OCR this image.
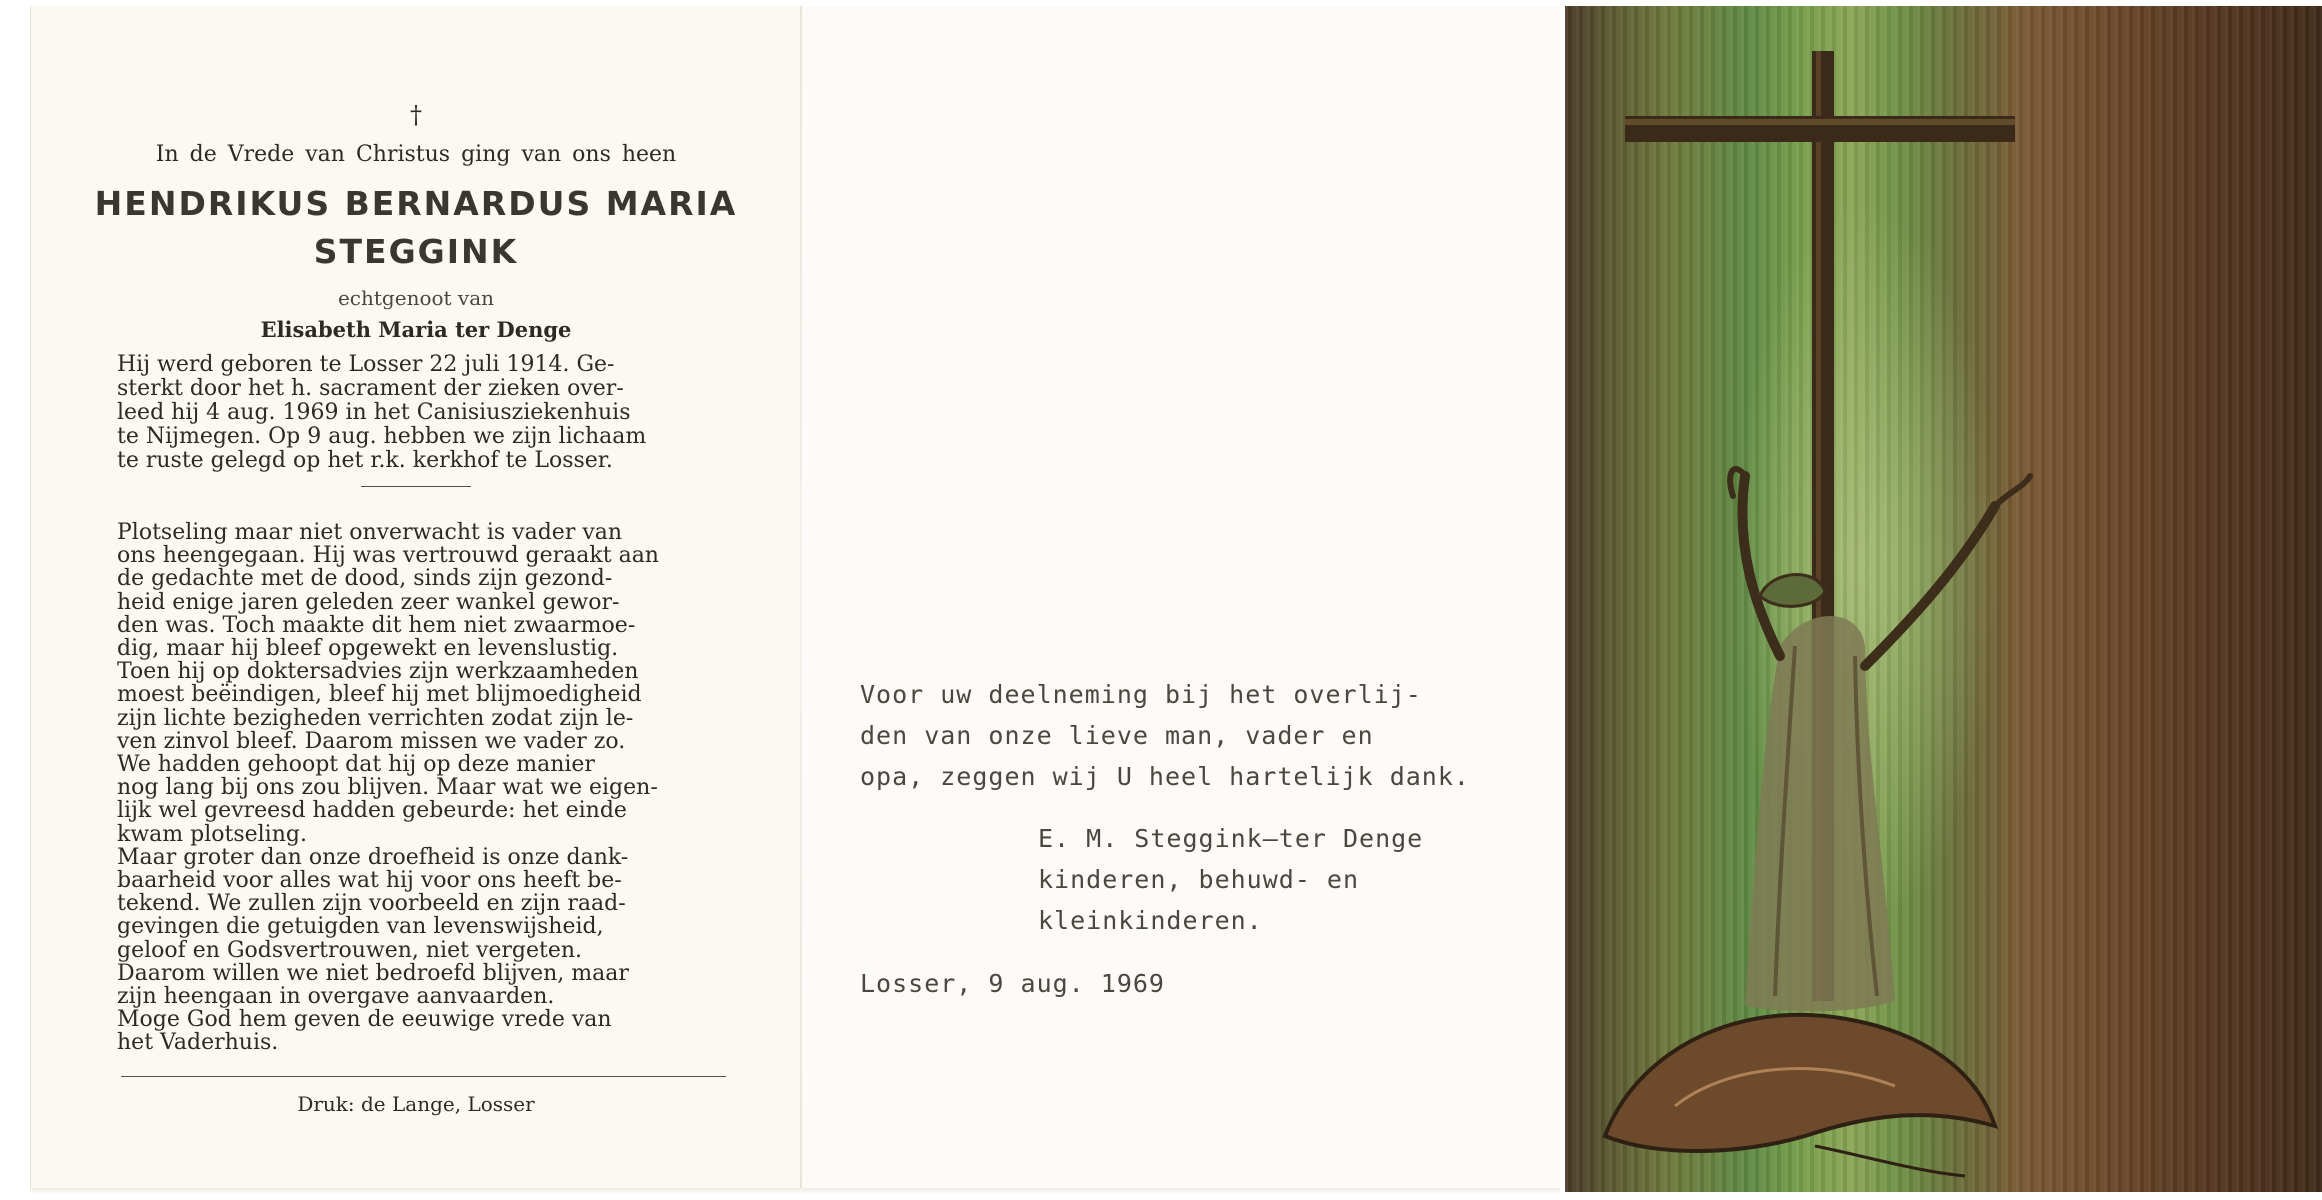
†
In de Vrede van Christus ging van ons heen
HENDRIKUS BERNARDUS MARIA
STEGGINK
echtgenoot van
Elisabeth Maria ter Denge
Hij werd geboren te Losser 22 juli 1914. Ge-
sterkt door het h. sacrament der zieken over-
leed hij 4 aug. 1969 in het Canisiusziekenhuis
te Nijmegen. Op 9 aug. hebben we zijn lichaam
te ruste gelegd op het r.k. kerkhof te Losser.
Plotseling maar niet onverwacht is vader van
ons heengegaan. Hij was vertrouwd geraakt aan
de gedachte met de dood, sinds zijn gezond-
heid enige jaren geleden zeer wankel gewor-
den was. Toch maakte dit hem niet zwaarmoe-
dig, maar hij bleef opgewekt en levenslustig.
Toen hij op doktersadvies zijn werkzaamheden
moest beëindigen, bleef hij met blijmoedigheid
zijn lichte bezigheden verrichten zodat zijn le-
ven zinvol bleef. Daarom missen we vader zo.
We hadden gehoopt dat hij op deze manier
nog lang bij ons zou blijven. Maar wat we eigen-
lijk wel gevreesd hadden gebeurde: het einde
kwam plotseling.
Maar groter dan onze droefheid is onze dank-
baarheid voor alles wat hij voor ons heeft be-
tekend. We zullen zijn voorbeeld en zijn raad-
gevingen die getuigden van levenswijsheid,
geloof en Godsvertrouwen, niet vergeten.
Daarom willen we niet bedroefd blijven, maar
zijn heengaan in overgave aanvaarden.
Moge God hem geven de eeuwige vrede van
het Vaderhuis.
Druk: de Lange, Losser
Voor uw deelneming bij het overlij-
den van onze lieve man, vader en
opa, zeggen wij U heel hartelijk dank.
E. M. Steggink–ter Denge
kinderen, behuwd- en
kleinkinderen.
Losser, 9 aug. 1969
